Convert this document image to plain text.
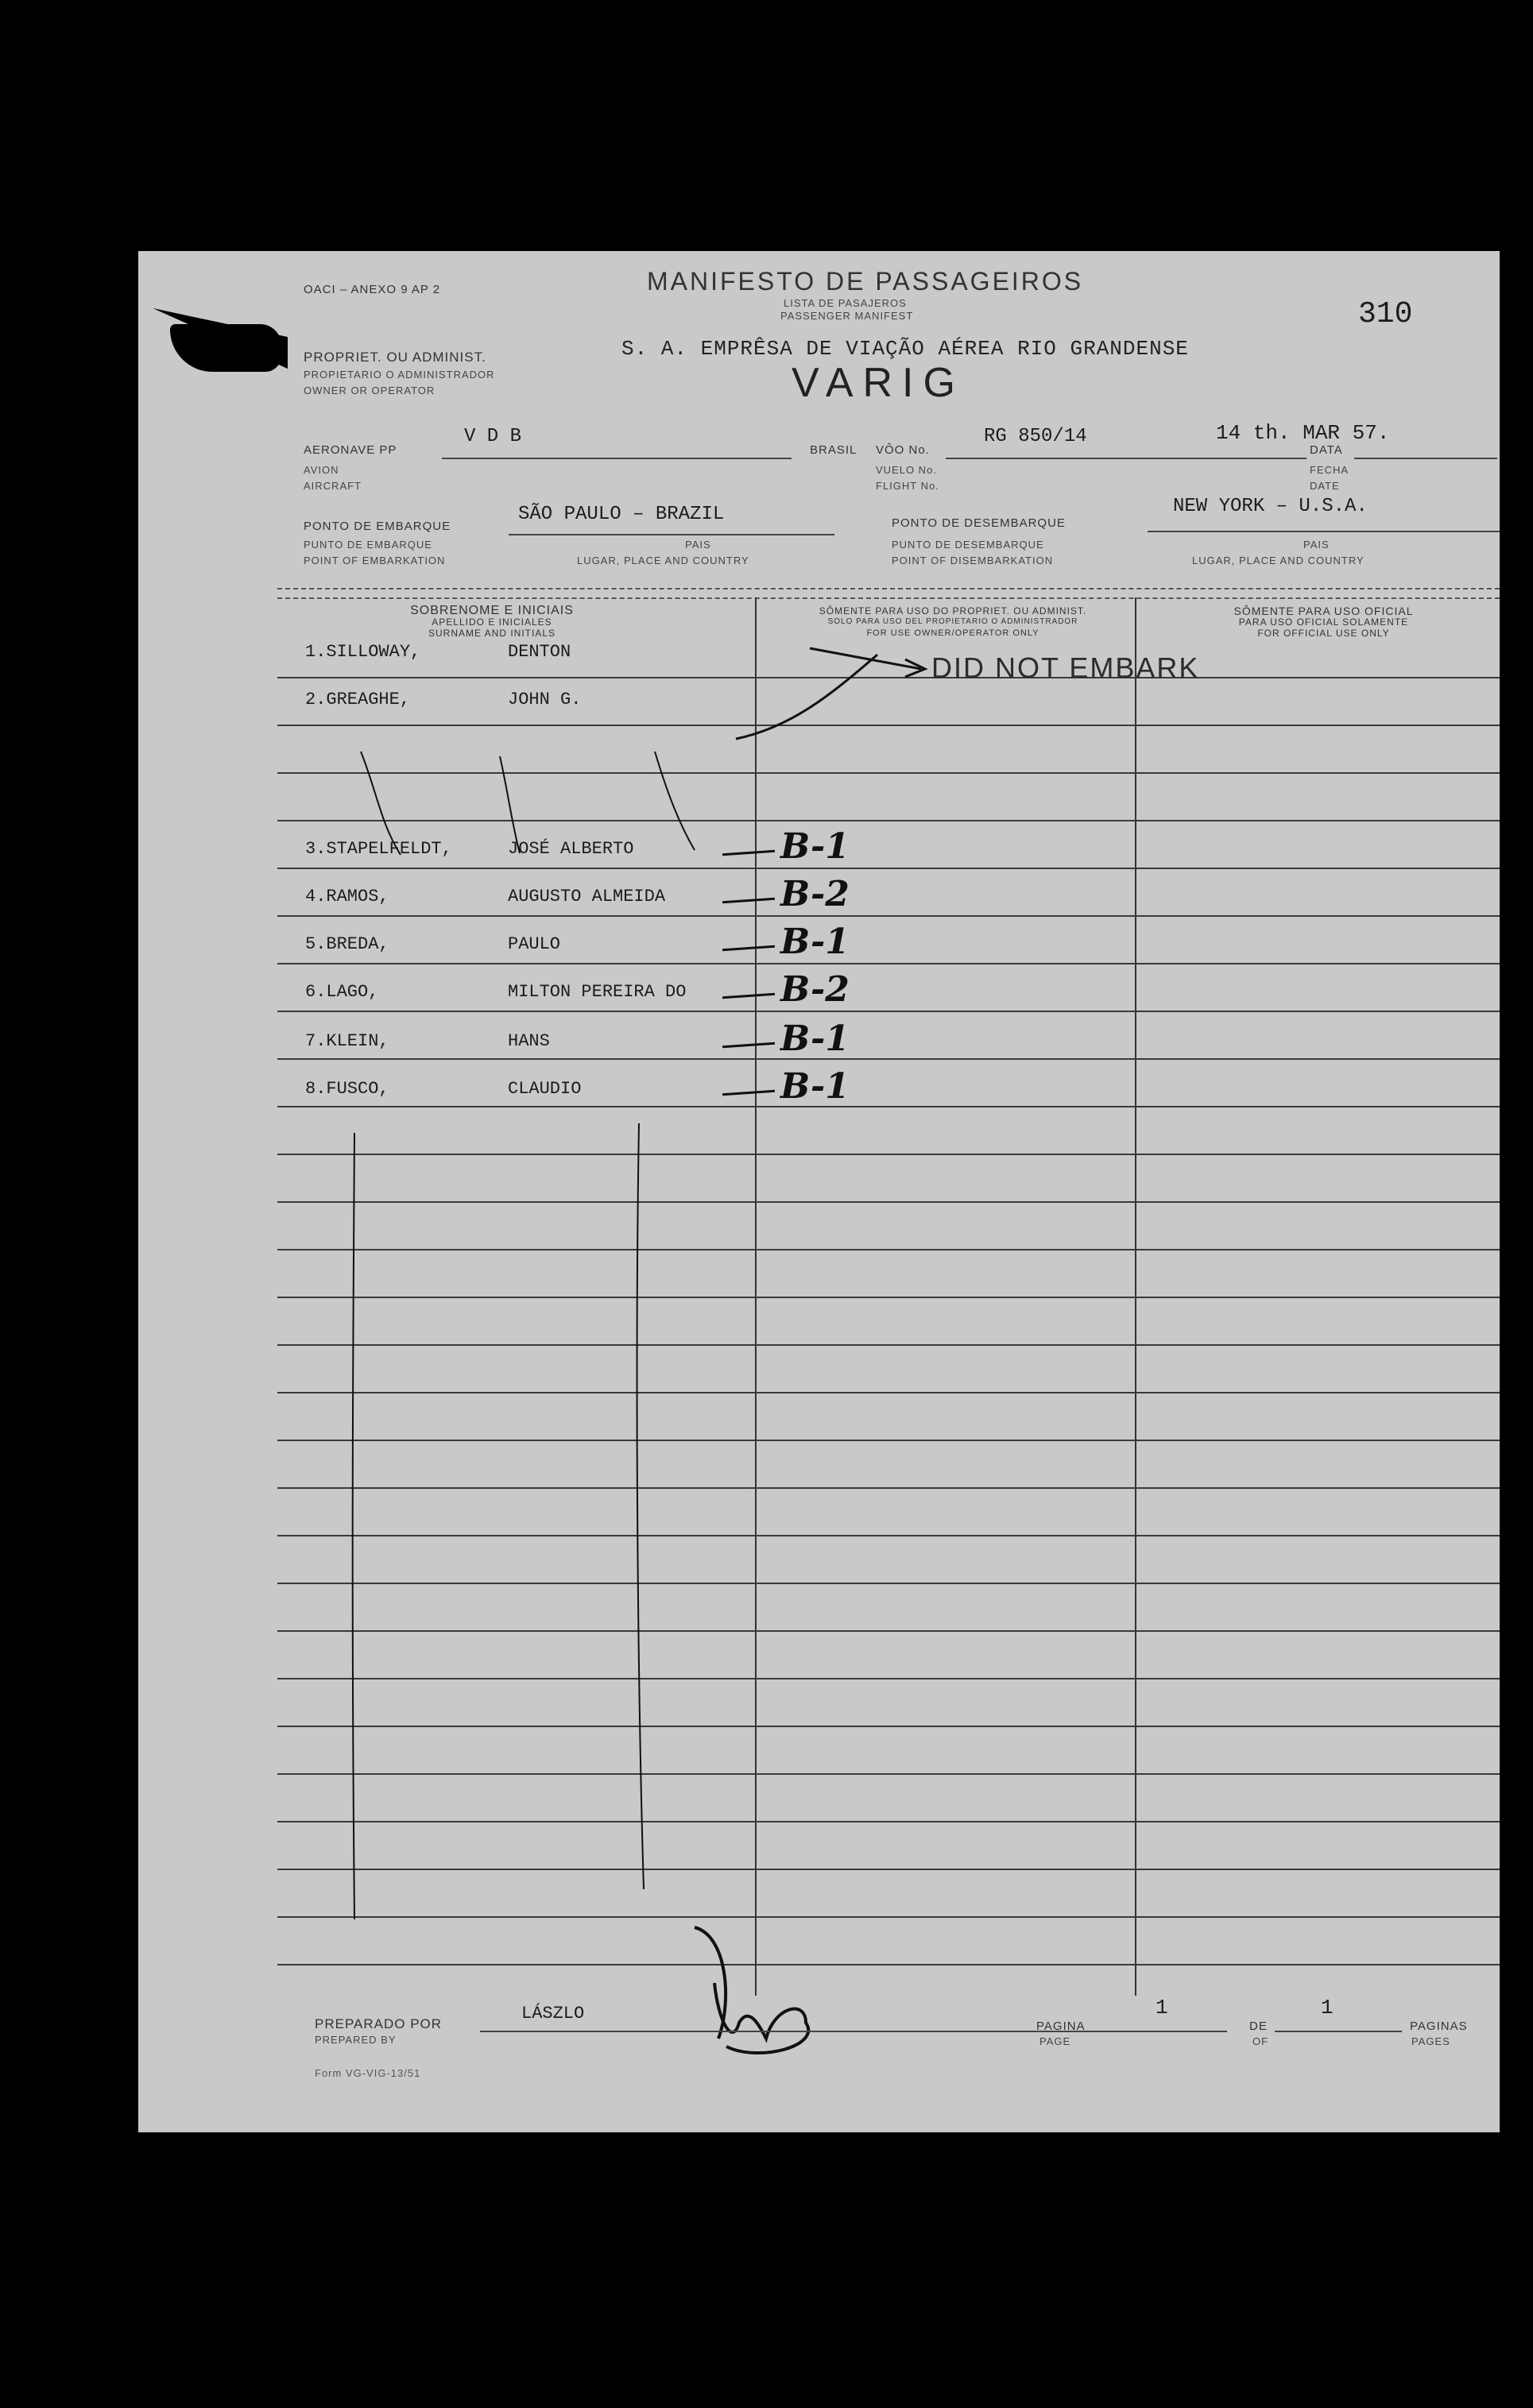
OACI – ANEXO 9 AP 2	MANIFESTO DE PASSAGEIROS
LISTA DE PASAJEROS
PASSENGER MANIFEST	310
PROPRIET. OU ADMINIST.
PROPIETARIO O ADMINISTRADOR
OWNER OR OPERATOR
S. A. EMPRÊSA DE VIAÇÃO AÉREA RIO GRANDENSE
VARIG
AERONAVE PP
V D B
BRASIL
AVION
AIRCRAFT
VÔO No.
RG 850/14
VUELO No.
FLIGHT No.
DATA
14 th. MAR 57.
FECHA
DATE
PONTO DE EMBARQUE
SÃO PAULO – BRAZIL
PUNTO DE EMBARQUE
POINT OF EMBARKATION
PAIS
LUGAR, PLACE AND COUNTRY
PONTO DE DESEMBARQUE
NEW YORK – U.S.A.
PUNTO DE DESEMBARQUE
POINT OF DISEMBARKATION
PAIS
LUGAR, PLACE AND COUNTRY
SOBRENOME E INICIAIS
APELLIDO E INICIALES
SURNAME AND INITIALS
SÔMENTE PARA USO DO PROPRIET. OU ADMINIST.
SOLO PARA USO DEL PROPIETARIO O ADMINISTRADOR
FOR USE OWNER/OPERATOR ONLY
SÔMENTE PARA USO OFICIAL
PARA USO OFICIAL SOLAMENTE
FOR OFFICIAL USE ONLY
1.SILLOWAY,	DENTON
2.GREAGHE,	JOHN G.
3.STAPELFELDT,	JOSÉ ALBERTO	B-1
4.RAMOS,	AUGUSTO ALMEIDA	B-2
5.BREDA,	PAULO	B-1
6.LAGO,	MILTON PEREIRA DO	B-2
7.KLEIN,	HANS	B-1
8.FUSCO,	CLAUDIO	B-1
DID NOT EMBARK
PREPARADO POR
PREPARED BY
LÁSZLO
PAGINA
PAGE
1
DE
OF
1
PAGINAS
PAGES
Form VG-VIG-13/51
